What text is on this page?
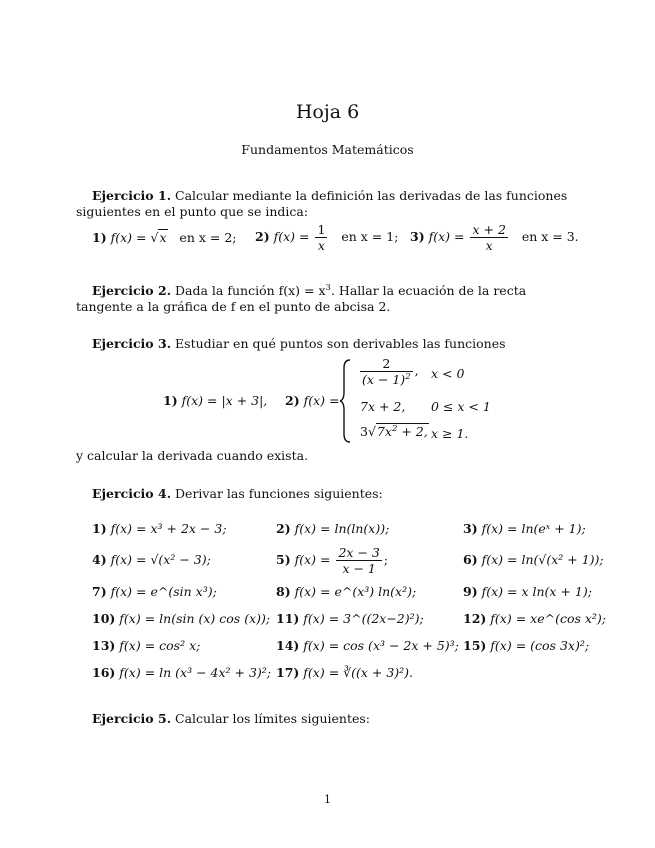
Hoja 6
Fundamentos Matemáticos
Ejercicio 1. Calcular mediante la definición las derivadas de las funciones siguientes en el punto que se indica:
1) f(x) = √x en x = 2; 2) $f(x) = \frac{1}{x}$ en x = 1; 3) $f(x) = \frac{x + 2}{x}$ en x = 3.
Ejercicio 2. Dada la función $f(x) = x^3$. Hallar la ecuación de la recta tangente a la gráfica de f en el punto de abcisa 2.
Ejercicio 3. Estudiar en qué puntos son derivables las funciones
1) f(x) = |x + 3|, 2) f(x) =
$\frac{2}{(x - 1)^2}$ , x < 0
7x + 2, 0 ≤ x < 1
$3√7x^2 + 2$, x ≥ 1.
y calcular la derivada cuando exista.
Ejercicio 4. Derivar las funciones siguientes:
1) f(x) = x³ + 2x − 3;	2) f(x) = ln(ln(x));	3) f(x) = ln(eˣ + 1);
4) f(x) = √(x² − 3);	5) $f(x) = \frac{2x - 3}{x - 1}$ ;	6) f(x) = ln(√(x² + 1));
7) f(x) = e^(sin x³);	8) f(x) = e^(x³) ln(x²);	9) f(x) = x ln(x + 1);
10) f(x) = ln(sin (x) cos (x)); 11) f(x) = 3^((2x−2)²);	12) f(x) = xe^(cos x²);
13) f(x) = cos² x;	14) f(x) = cos (x³ − 2x + 5)³; 15) f(x) = (cos 3x)²;
16) f(x) = ln (x³ − 4x² + 3)²; 17) f(x) = ∛((x + 3)²).
Ejercicio 5. Calcular los límites siguientes:
1
